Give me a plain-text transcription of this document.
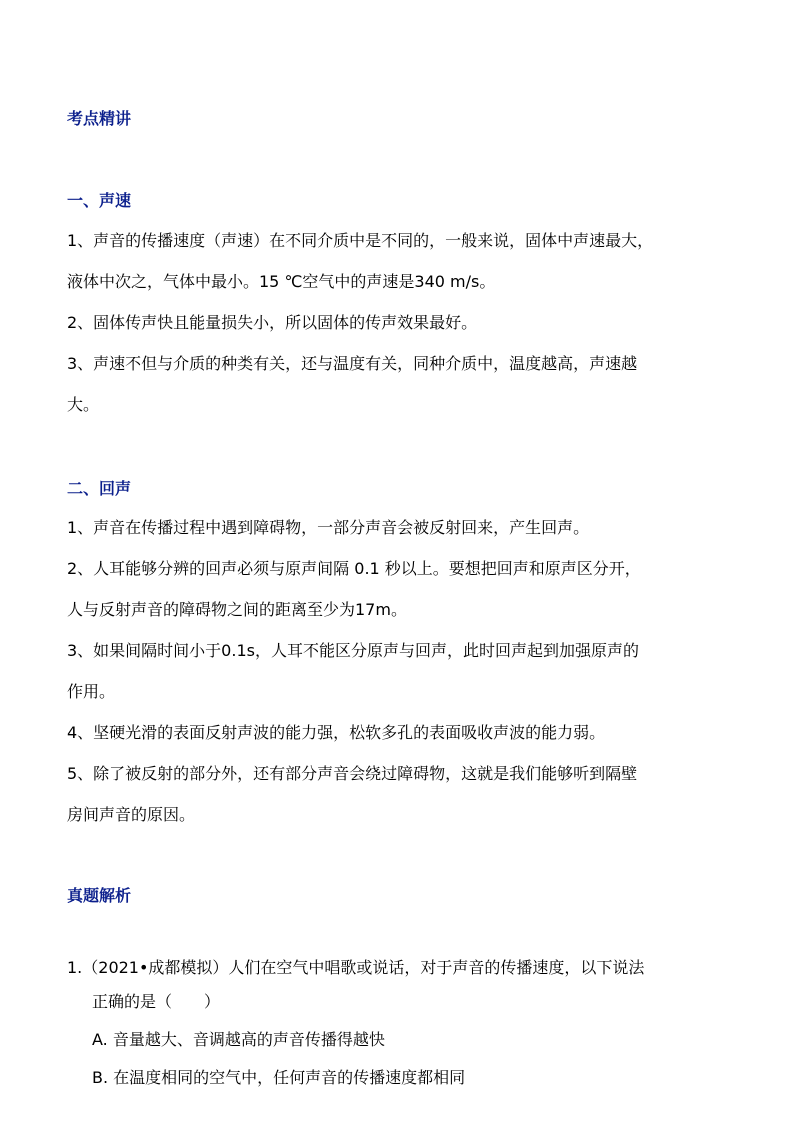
考点精讲
一、声速
1、声音的传播速度（声速）在不同介质中是不同的，一般来说，固体中声速最大，
液体中次之，气体中最小。15 ℃空气中的声速是340 m/s。
2、固体传声快且能量损失小，所以固体的传声效果最好。
3、声速不但与介质的种类有关，还与温度有关，同种介质中，温度越高，声速越
大。
二、回声
1、声音在传播过程中遇到障碍物，一部分声音会被反射回来，产生回声。
2、人耳能够分辨的回声必须与原声间隔 0.1 秒以上。要想把回声和原声区分开，
人与反射声音的障碍物之间的距离至少为17m。
3、如果间隔时间小于0.1s，人耳不能区分原声与回声，此时回声起到加强原声的
作用。
4、坚硬光滑的表面反射声波的能力强，松软多孔的表面吸收声波的能力弱。
5、除了被反射的部分外，还有部分声音会绕过障碍物，这就是我们能够听到隔壁
房间声音的原因。
真题解析
1.（2021•成都模拟）人们在空气中唱歌或说话，对于声音的传播速度，以下说法
正确的是（　　）
A. 音量越大、音调越高的声音传播得越快
B. 在温度相同的空气中，任何声音的传播速度都相同
